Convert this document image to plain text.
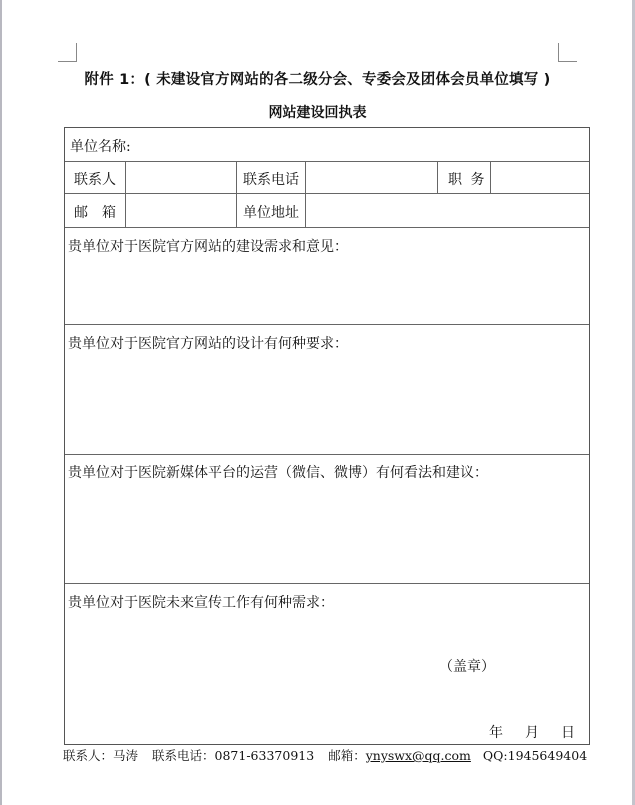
附件 1：( 未建设官方网站的各二级分会、专委会及团体会员单位填写 )
网站建设回执表
单位名称:
联系人	联系电话	职 务
邮　箱	单位地址
贵单位对于医院官方网站的建设需求和意见：
贵单位对于医院官方网站的设计有何种要求：
贵单位对于医院新媒体平台的运营（微信、微博）有何看法和建议：
贵单位对于医院未来宣传工作有何种需求：
（盖章）
年 月 日
联系人：马涛 联系电话：0871-63370913 邮箱：ynyswx@qq.com QQ:1945649404
